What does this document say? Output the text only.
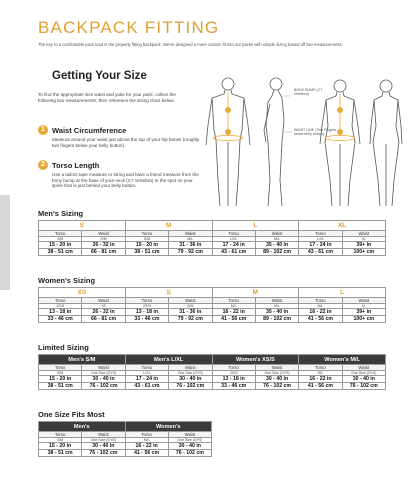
BACKPACK FITTING
The key to a comfortable pack load is the properly fitting backpack. We've designed a more custom fit into our packs with simple sizing based off two measurements.
Getting Your Size
To find the appropriate size waist and yoke for your pack, collect the following two measurements, then reference the sizing chart below.
1 Waist Circumference
Measure around your waist just above the top of your hip bones (roughly two fingers below your belly button).
2 Torso Length
Use a tailors tape measure or string and have a friend measure from the bony bump at the base of your neck (C7 vertebra) to the spot on your spine that is just behind your belly button.
BONY BUMP (C7 Vertebra)
WAIST LINE (Two Fingers below belly button)
Men's Sizing
S		M		L		XL	
Torso	Waist	Torso	Waist	Torso	Waist	Torso	Waist
S/M	S/M	S/M	M/L	L/XL	M/L	L/XL	XL
15 - 20 in	26 - 32 in	15 - 20 in	31 - 36 in	17 - 24 in	35 - 40 in	17 - 24 in	39+ in
38 - 51 cm	66 - 81 cm	38 - 51 cm	79 - 92 cm	43 - 61 cm	89 - 102 cm	43 - 61 cm	100+ cm
Women's Sizing
XS		S		M		L	
Torso	Waist	Torso	Waist	Torso	Waist	Torso	Waist
XS/S	XS	XS/S	S/M	M/L	M/L	M/L	XL
13 - 18 in	26 - 32 in	13 - 18 in	31 - 36 in	16 - 22 in	35 - 40 in	16 - 22 in	39+ in
33 - 46 cm	66 - 81 cm	33 - 46 cm	79 - 92 cm	41 - 56 cm	89 - 102 cm	41 - 56 cm	100+ cm
Limited Sizing
Men's S/M		Men's L/XL		Women's XS/S		Women's M/L	
Torso	Waist	Torso	Waist	Torso	Waist	Torso	Waist
S/M	One Size (OYS)	L/XL	One Size (OYS)	XS/S	One Size (OYS)	M/L	One Size (OYS)
15 - 20 in	30 - 40 in	17 - 24 in	30 - 40 in	13 - 18 in	30 - 40 in	16 - 22 in	30 - 40 in
38 - 51 cm	76 - 102 cm	43 - 61 cm	76 - 102 cm	33 - 46 cm	76 - 102 cm	41 - 56 cm	76 - 102 cm
One Size Fits Most
Men's		Women's	
Torso	Waist	Torso	Waist
S/M	One Size (OYS)	M/L	One Size (OYS)
15 - 20 in	30 - 40 in	16 - 22 in	30 - 40 in
38 - 51 cm	76 - 102 cm	41 - 56 cm	76 - 102 cm
